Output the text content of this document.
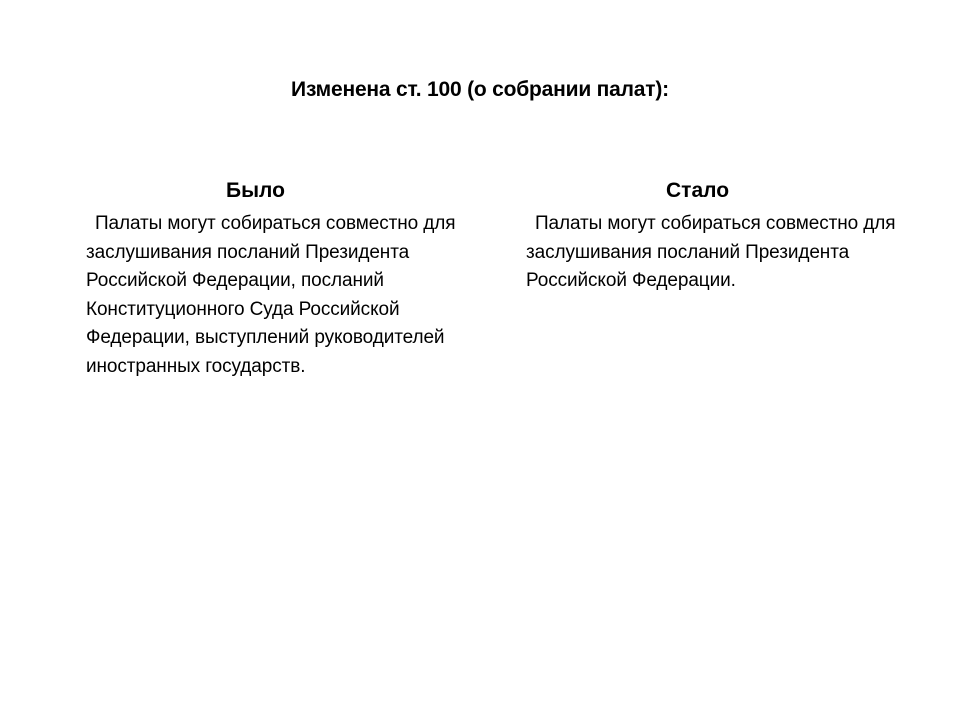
Изменена ст. 100 (о собрании палат):
Было

Палаты могут собираться совместно для заслушивания посланий Президента Российской Федерации, посланий Конституционного Суда Российской Федерации, выступлений руководителей иностранных государств.

Стало

Палаты могут собираться совместно для заслушивания посланий Президента Российской Федерации.
